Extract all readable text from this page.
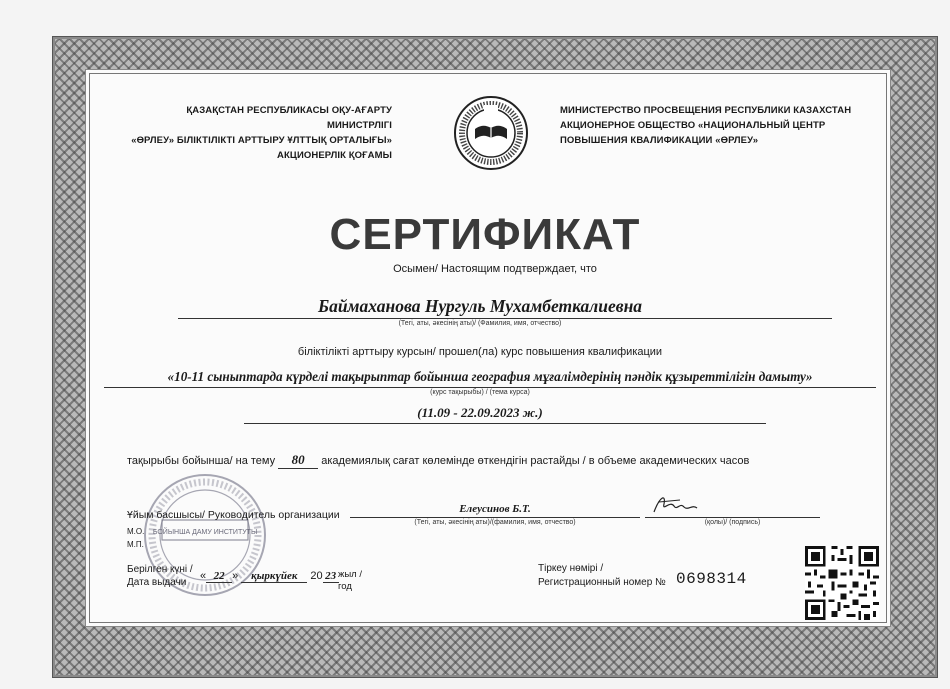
ҚАЗАҚСТАН РЕСПУБЛИКАСЫ ОҚУ-АҒАРТУ МИНИСТРЛІГІ
«ӨРЛЕУ» БІЛІКТІЛІКТІ АРТТЫРУ ҰЛТТЫҚ ОРТАЛЫҒЫ»
АКЦИОНЕРЛІК ҚОҒАМЫ
МИНИСТЕРСТВО ПРОСВЕЩЕНИЯ РЕСПУБЛИКИ КАЗАХСТАН
АКЦИОНЕРНОЕ ОБЩЕСТВО «НАЦИОНАЛЬНЫЙ ЦЕНТР
ПОВЫШЕНИЯ КВАЛИФИКАЦИИ «ӨРЛЕУ»
СЕРТИФИКАТ
Осымен/ Настоящим подтверждает, что
Баймаханова Нургуль Мухамбеткалиевна
(Тегі, аты, әкесінің аты)/ (Фамилия, имя, отчество)
біліктілікті арттыру курсын/ прошел(ла) курс повышения квалификации
«10-11 сыныптарда күрделі тақырыптар бойынша география мұғалімдерінің пәндік құзыреттілігін дамыту»
(курс тақырыбы) / (тема курса)
(11.09 - 22.09.2023 ж.)
тақырыбы бойынша/ на тему 80 академиялық сағат көлемінде өткендігін растайды / в объеме академических часов
БОЙЫНША ДАМУ ИНСТИТУТЫ
Ұйым басшысы/ Руководитель организации
М.О.
М.П.
Елеусинов Б.Т.
(Тегі, аты, әкесінің аты)/(фамилия, имя, отчество)	(қолы)/ (подпись)
Берілген күні /
Дата выдачи
« 22 » қыркүйек 20 23 жыл /
год
Тіркеу нөмірі /
Регистрационный номер № 0698314
